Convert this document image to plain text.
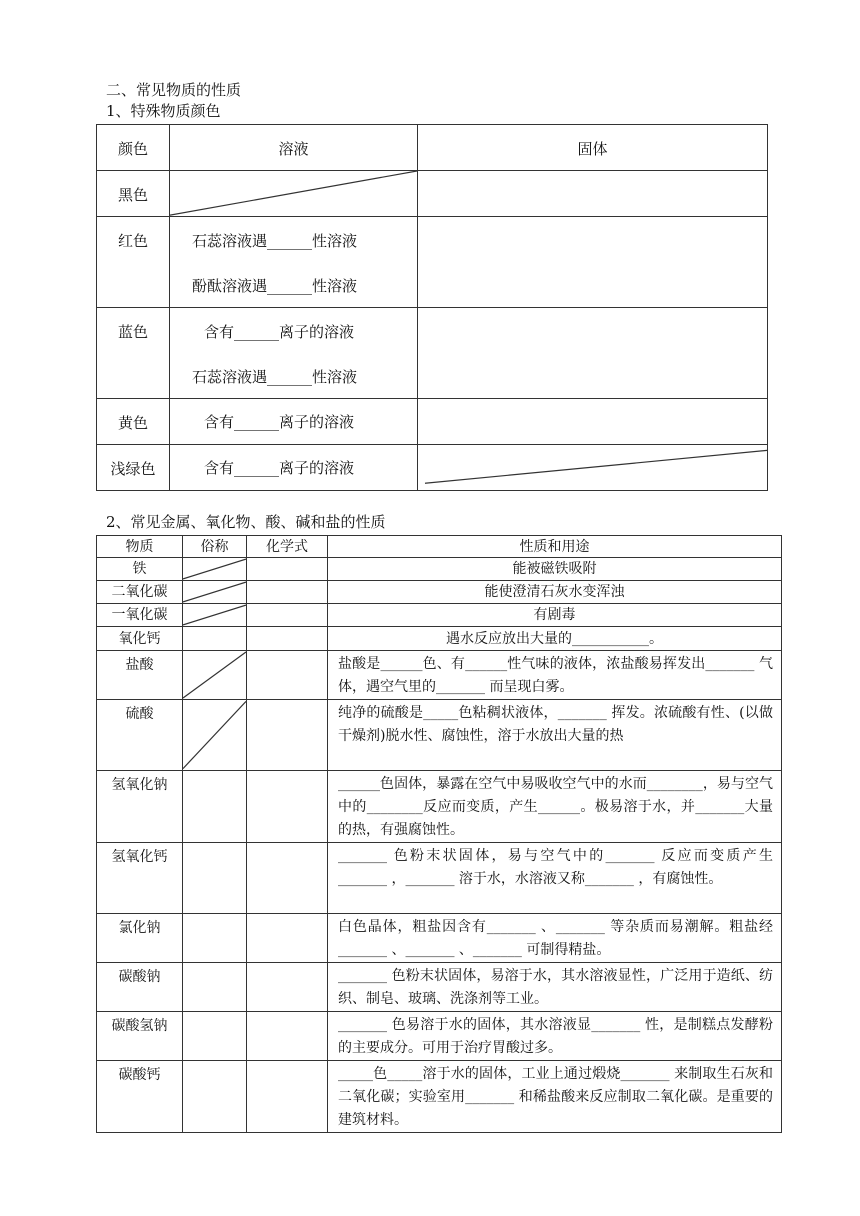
二、常见物质的性质
1、特殊物质颜色
颜色	溶液	固体
黑色	

红色	石蕊溶液遇______性溶液
酚酞溶液遇______性溶液	

蓝色	含有______离子的溶液
石蕊溶液遇______性溶液	

黄色	含有______离子的溶液	
浅绿色	含有______离子的溶液	
2、常见金属、氧化物、酸、碱和盐的性质
物质	俗称	化学式	性质和用途
铁			能被磁铁吸附
二氧化碳			能使澄清石灰水变浑浊
一氧化碳			有剧毒
氧化钙			遇水反应放出大量的___________。
盐酸			盐酸是______色、有______性气味的液体，浓盐酸易挥发出_______ 气体，遇空气里的_______ 而呈现白雾。
硫酸			纯净的硫酸是_____色粘稠状液体，_______ 挥发。浓硫酸有性、(以做干燥剂)脱水性、腐蚀性，溶于水放出大量的热
氢氧化钠			______色固体，暴露在空气中易吸收空气中的水而________，易与空气中的________反应而变质，产生______。极易溶于水，并_______大量的热，有强腐蚀性。
氢氧化钙			_______ 色粉末状固体，易与空气中的_______ 反应而变质产生_______ ，_______ 溶于水，水溶液又称_______ ，有腐蚀性。
氯化钠			白色晶体，粗盐因含有_______ 、_______ 等杂质而易潮解。粗盐经_______ 、_______ 、_______ 可制得精盐。
碳酸钠			_______ 色粉末状固体，易溶于水，其水溶液显性，广泛用于造纸、纺织、制皂、玻璃、洗涤剂等工业。
碳酸氢钠			_______ 色易溶于水的固体，其水溶液显_______ 性，是制糕点发酵粉的主要成分。可用于治疗胃酸过多。
碳酸钙			_____色_____溶于水的固体，工业上通过煅烧_______ 来制取生石灰和二氧化碳；实验室用_______ 和稀盐酸来反应制取二氧化碳。是重要的建筑材料。
